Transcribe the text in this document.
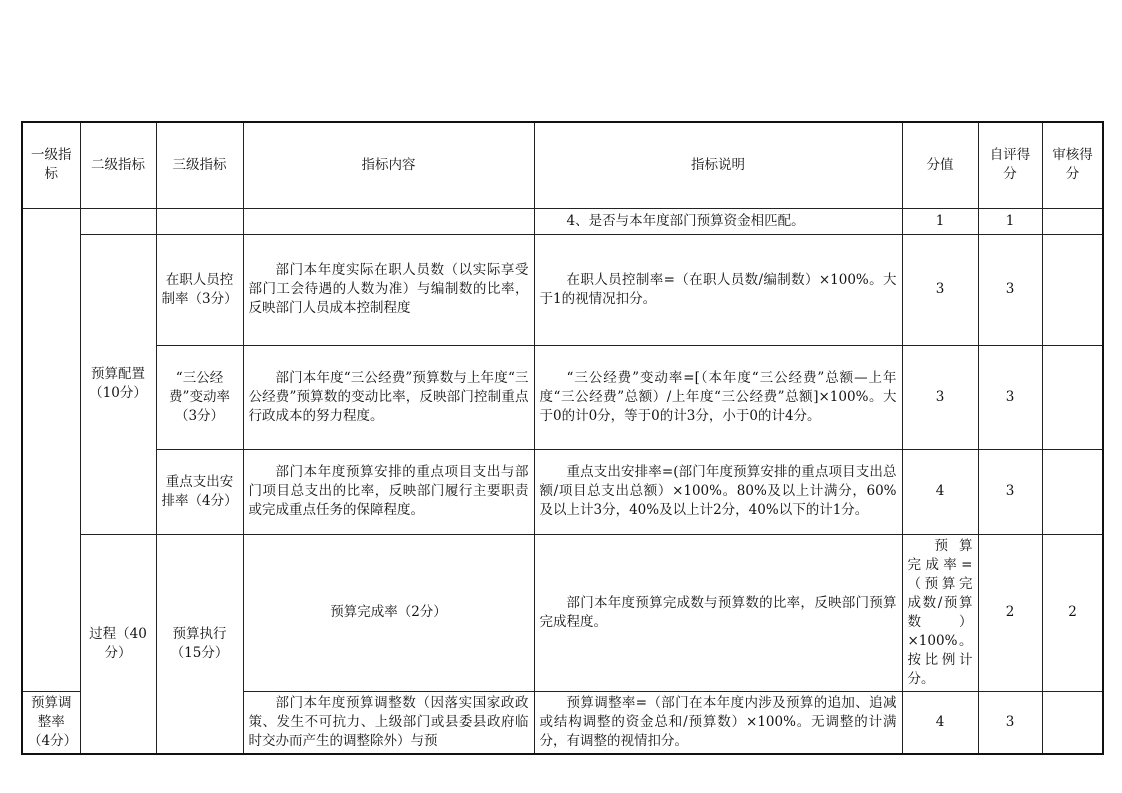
一级指标	二级指标	三级指标	指标内容	指标说明	分值	自评得分	审核得分	
				4、是否与本年度部门预算资金相匹配。	1	1		
	预算配置（10分）	在职人员控制率（3分）	部门本年度实际在职人员数（以实际享受部门工会待遇的人数为准）与编制数的比率，反映部门人员成本控制程度	在职人员控制率=（在职人员数/编制数）×100%。大于1的视情况扣分。	3	3		
		“三公经费”变动率（3分）	部门本年度“三公经费”预算数与上年度“三公经费”预算数的变动比率，反映部门控制重点行政成本的努力程度。	“三公经费”变动率=[（本年度“三公经费”总额—上年度“三公经费”总额）/上年度“三公经费”总额]×100%。大于0的计0分，等于0的计3分，小于0的计4分。	3	3		
		重点支出安排率（4分）	部门本年度预算安排的重点项目支出与部门项目总支出的比率，反映部门履行主要职责或完成重点任务的保障程度。	重点支出安排率=(部门年度预算安排的重点项目支出总额/项目总支出总额）×100%。80%及以上计满分，60%及以上计3分，40%及以上计2分，40%以下的计1分。	4	3		
	过程（40分）	预算执行（15分）	预算完成率（2分）	部门本年度预算完成数与预算数的比率，反映部门预算完成程度。	预算完成率=（预算完成数/预算数）×100%。按比例计分。	2	2	
预算调整率（4分）			部门本年度预算调整数（因落实国家政政策、发生不可抗力、上级部门或县委县政府临时交办而产生的调整除外）与预	预算调整率=（部门在本年度内涉及预算的追加、追减或结构调整的资金总和/预算数）×100%。无调整的计满分，有调整的视情扣分。	4	3		
